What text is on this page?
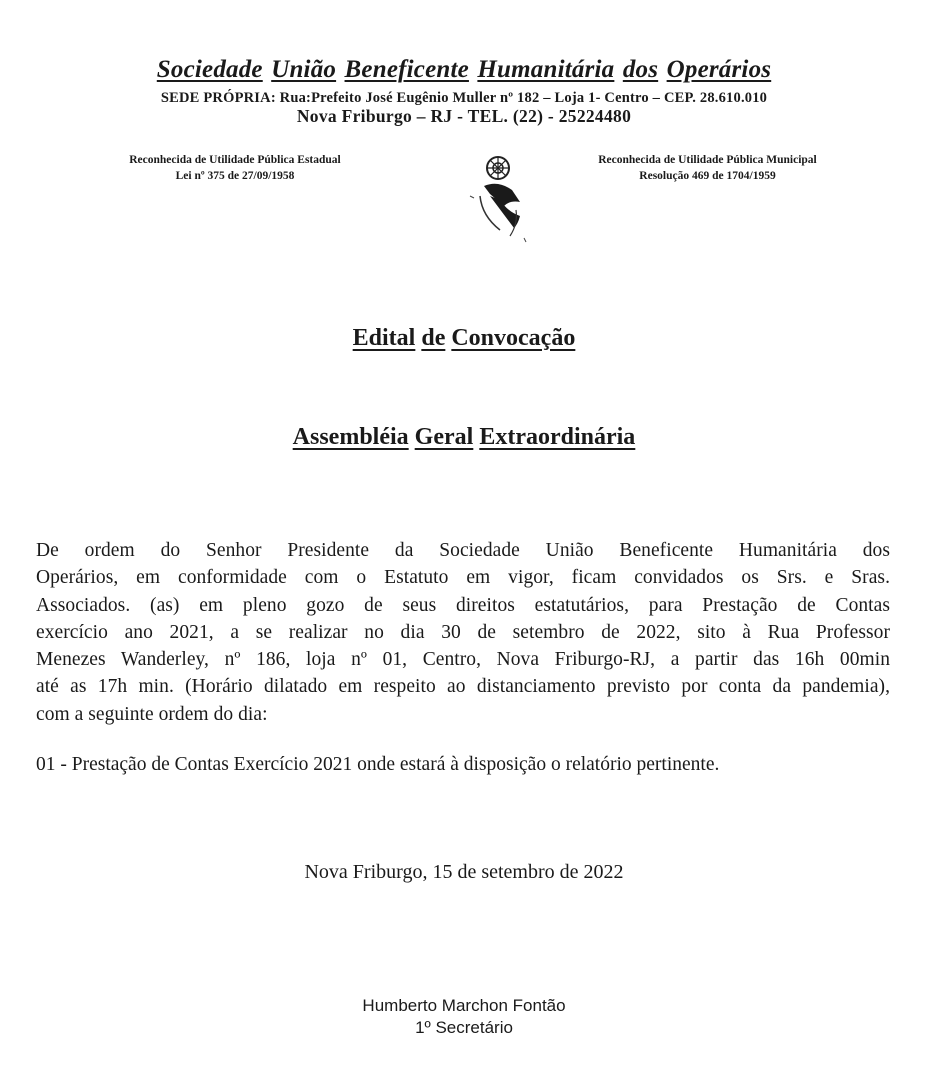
Sociedade União Beneficente Humanitária dos Operários
SEDE PRÓPRIA: Rua:Prefeito José Eugênio Muller nº 182 – Loja 1- Centro – CEP. 28.610.010
Nova Friburgo – RJ - TEL. (22) - 25224480
Reconhecida de Utilidade Pública Estadual
Lei nº 375 de 27/09/1958
Reconhecida de Utilidade Pública Municipal
Resolução 469 de 1704/1959
Edital de Convocação
Assembléia Geral Extraordinária
De ordem do Senhor Presidente da Sociedade União Beneficente Humanitária dos
Operários, em conformidade com o Estatuto em vigor, ficam convidados os Srs. e Sras.
Associados. (as) em pleno gozo de seus direitos estatutários, para Prestação de Contas
exercício ano 2021, a se realizar no dia 30 de setembro de 2022, sito à Rua Professor
Menezes Wanderley, nº 186, loja nº 01, Centro, Nova Friburgo-RJ, a partir das 16h 00min
até as 17h min. (Horário dilatado em respeito ao distanciamento previsto por conta da pandemia),
com a seguinte ordem do dia:
01 - Prestação de Contas Exercício 2021 onde estará à disposição o relatório pertinente.
Nova Friburgo, 15 de setembro de 2022
Humberto Marchon Fontão
1º Secretário
